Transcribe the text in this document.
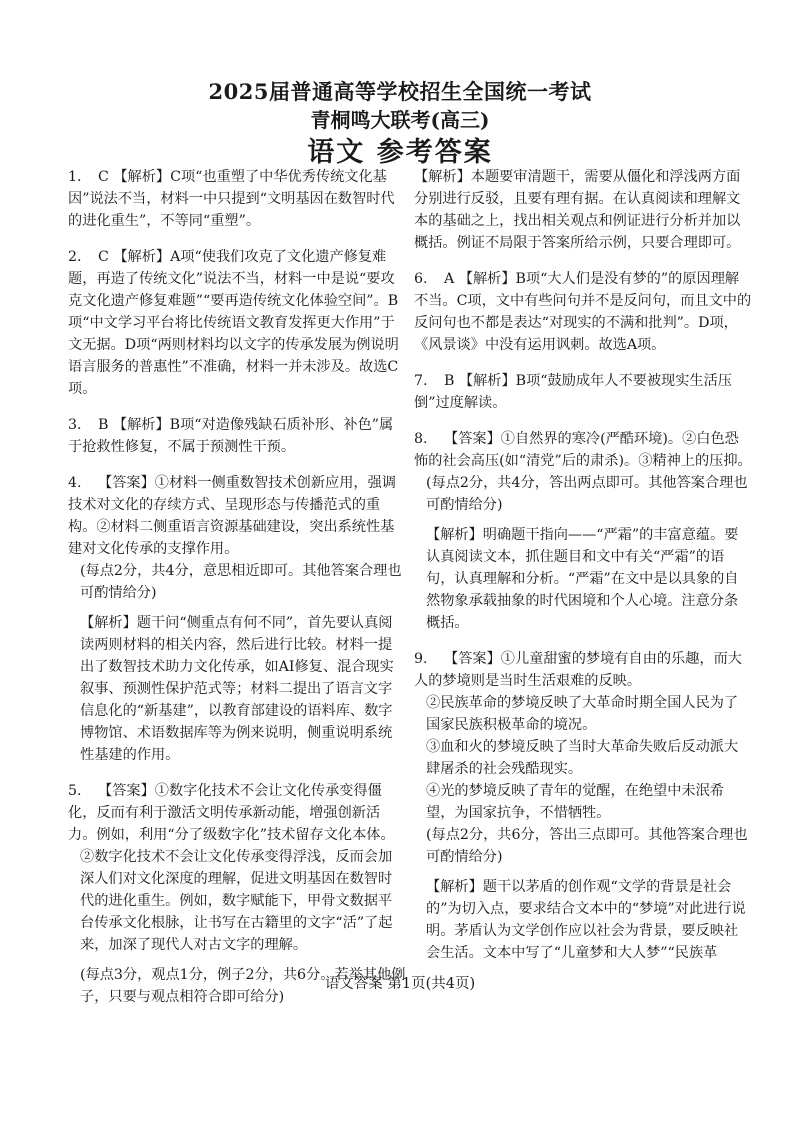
2025届普通高等学校招生全国统一考试
青桐鸣大联考(高三)
语文 参考答案

1. C 【解析】C项“也重塑了中华优秀传统文化基因”说法不当，材料一中只提到“文明基因在数智时代的进化重生”，不等同“重塑”。

2. C 【解析】A项“使我们攻克了文化遗产修复难题，再造了传统文化”说法不当，材料一中是说“要攻克文化遗产修复难题”“要再造传统文化体验空间”。B项“中文学习平台将比传统语文教育发挥更大作用”于文无据。D项“两则材料均以文字的传承发展为例说明语言服务的普惠性”不准确，材料一并未涉及。故选C项。

3. B 【解析】B项“对造像残缺石质补形、补色”属于抢救性修复，不属于预测性干预。

4. 【答案】①材料一侧重数智技术创新应用，强调技术对文化的存续方式、呈现形态与传播范式的重构。②材料二侧重语言资源基础建设，突出系统性基建对文化传承的支撑作用。

(每点2分，共4分，意思相近即可。其他答案合理也可酌情给分)

【解析】题干问“侧重点有何不同”，首先要认真阅读两则材料的相关内容，然后进行比较。材料一提出了数智技术助力文化传承，如AI修复、混合现实叙事、预测性保护范式等；材料二提出了语言文字信息化的“新基建”，以教育部建设的语料库、数字博物馆、术语数据库等为例来说明，侧重说明系统性基建的作用。

5. 【答案】①数字化技术不会让文化传承变得僵化，反而有利于激活文明传承新动能，增强创新活力。例如，利用“分了级数字化”技术留存文化本体。

②数字化技术不会让文化传承变得浮浅，反而会加深人们对文化深度的理解，促进文明基因在数智时代的进化重生。例如，数字赋能下，甲骨文数据平台传承文化根脉，让书写在古籍里的文字“活”了起来，加深了现代人对古文字的理解。

(每点3分，观点1分，例子2分，共6分。若举其他例子，只要与观点相符合即可给分)

【解析】本题要审清题干，需要从僵化和浮浅两方面分别进行反驳，且要有理有据。在认真阅读和理解文本的基础之上，找出相关观点和例证进行分析并加以概括。例证不局限于答案所给示例，只要合理即可。

6. A 【解析】B项“大人们是没有梦的”的原因理解不当。C项，文中有些问句并不是反问句，而且文中的反问句也不都是表达“对现实的不满和批判”。D项，《风景谈》中没有运用讽刺。故选A项。

7. B 【解析】B项“鼓励成年人不要被现实生活压倒”过度解读。

8. 【答案】①自然界的寒冷(严酷环境)。②白色恐怖的社会高压(如“清党”后的肃杀)。③精神上的压抑。

(每点2分，共4分，答出两点即可。其他答案合理也可酌情给分)

【解析】明确题干指向——“严霜”的丰富意蕴。要认真阅读文本，抓住题目和文中有关“严霜”的语句，认真理解和分析。“严霜”在文中是以具象的自然物象承载抽象的时代困境和个人心境。注意分条概括。

9. 【答案】①儿童甜蜜的梦境有自由的乐趣，而大人的梦境则是当时生活艰难的反映。

②民族革命的梦境反映了大革命时期全国人民为了国家民族积极革命的境况。

③血和火的梦境反映了当时大革命失败后反动派大肆屠杀的社会残酷现实。

④光的梦境反映了青年的觉醒，在绝望中未泯希望，为国家抗争，不惜牺牲。

(每点2分，共6分，答出三点即可。其他答案合理也可酌情给分)

【解析】题干以茅盾的创作观“文学的背景是社会的”为切入点，要求结合文本中的“梦境”对此进行说明。茅盾认为文学创作应以社会为背景，要反映社会生活。文本中写了“儿童梦和大人梦”“民族革

语文答案 第1页(共4页)
